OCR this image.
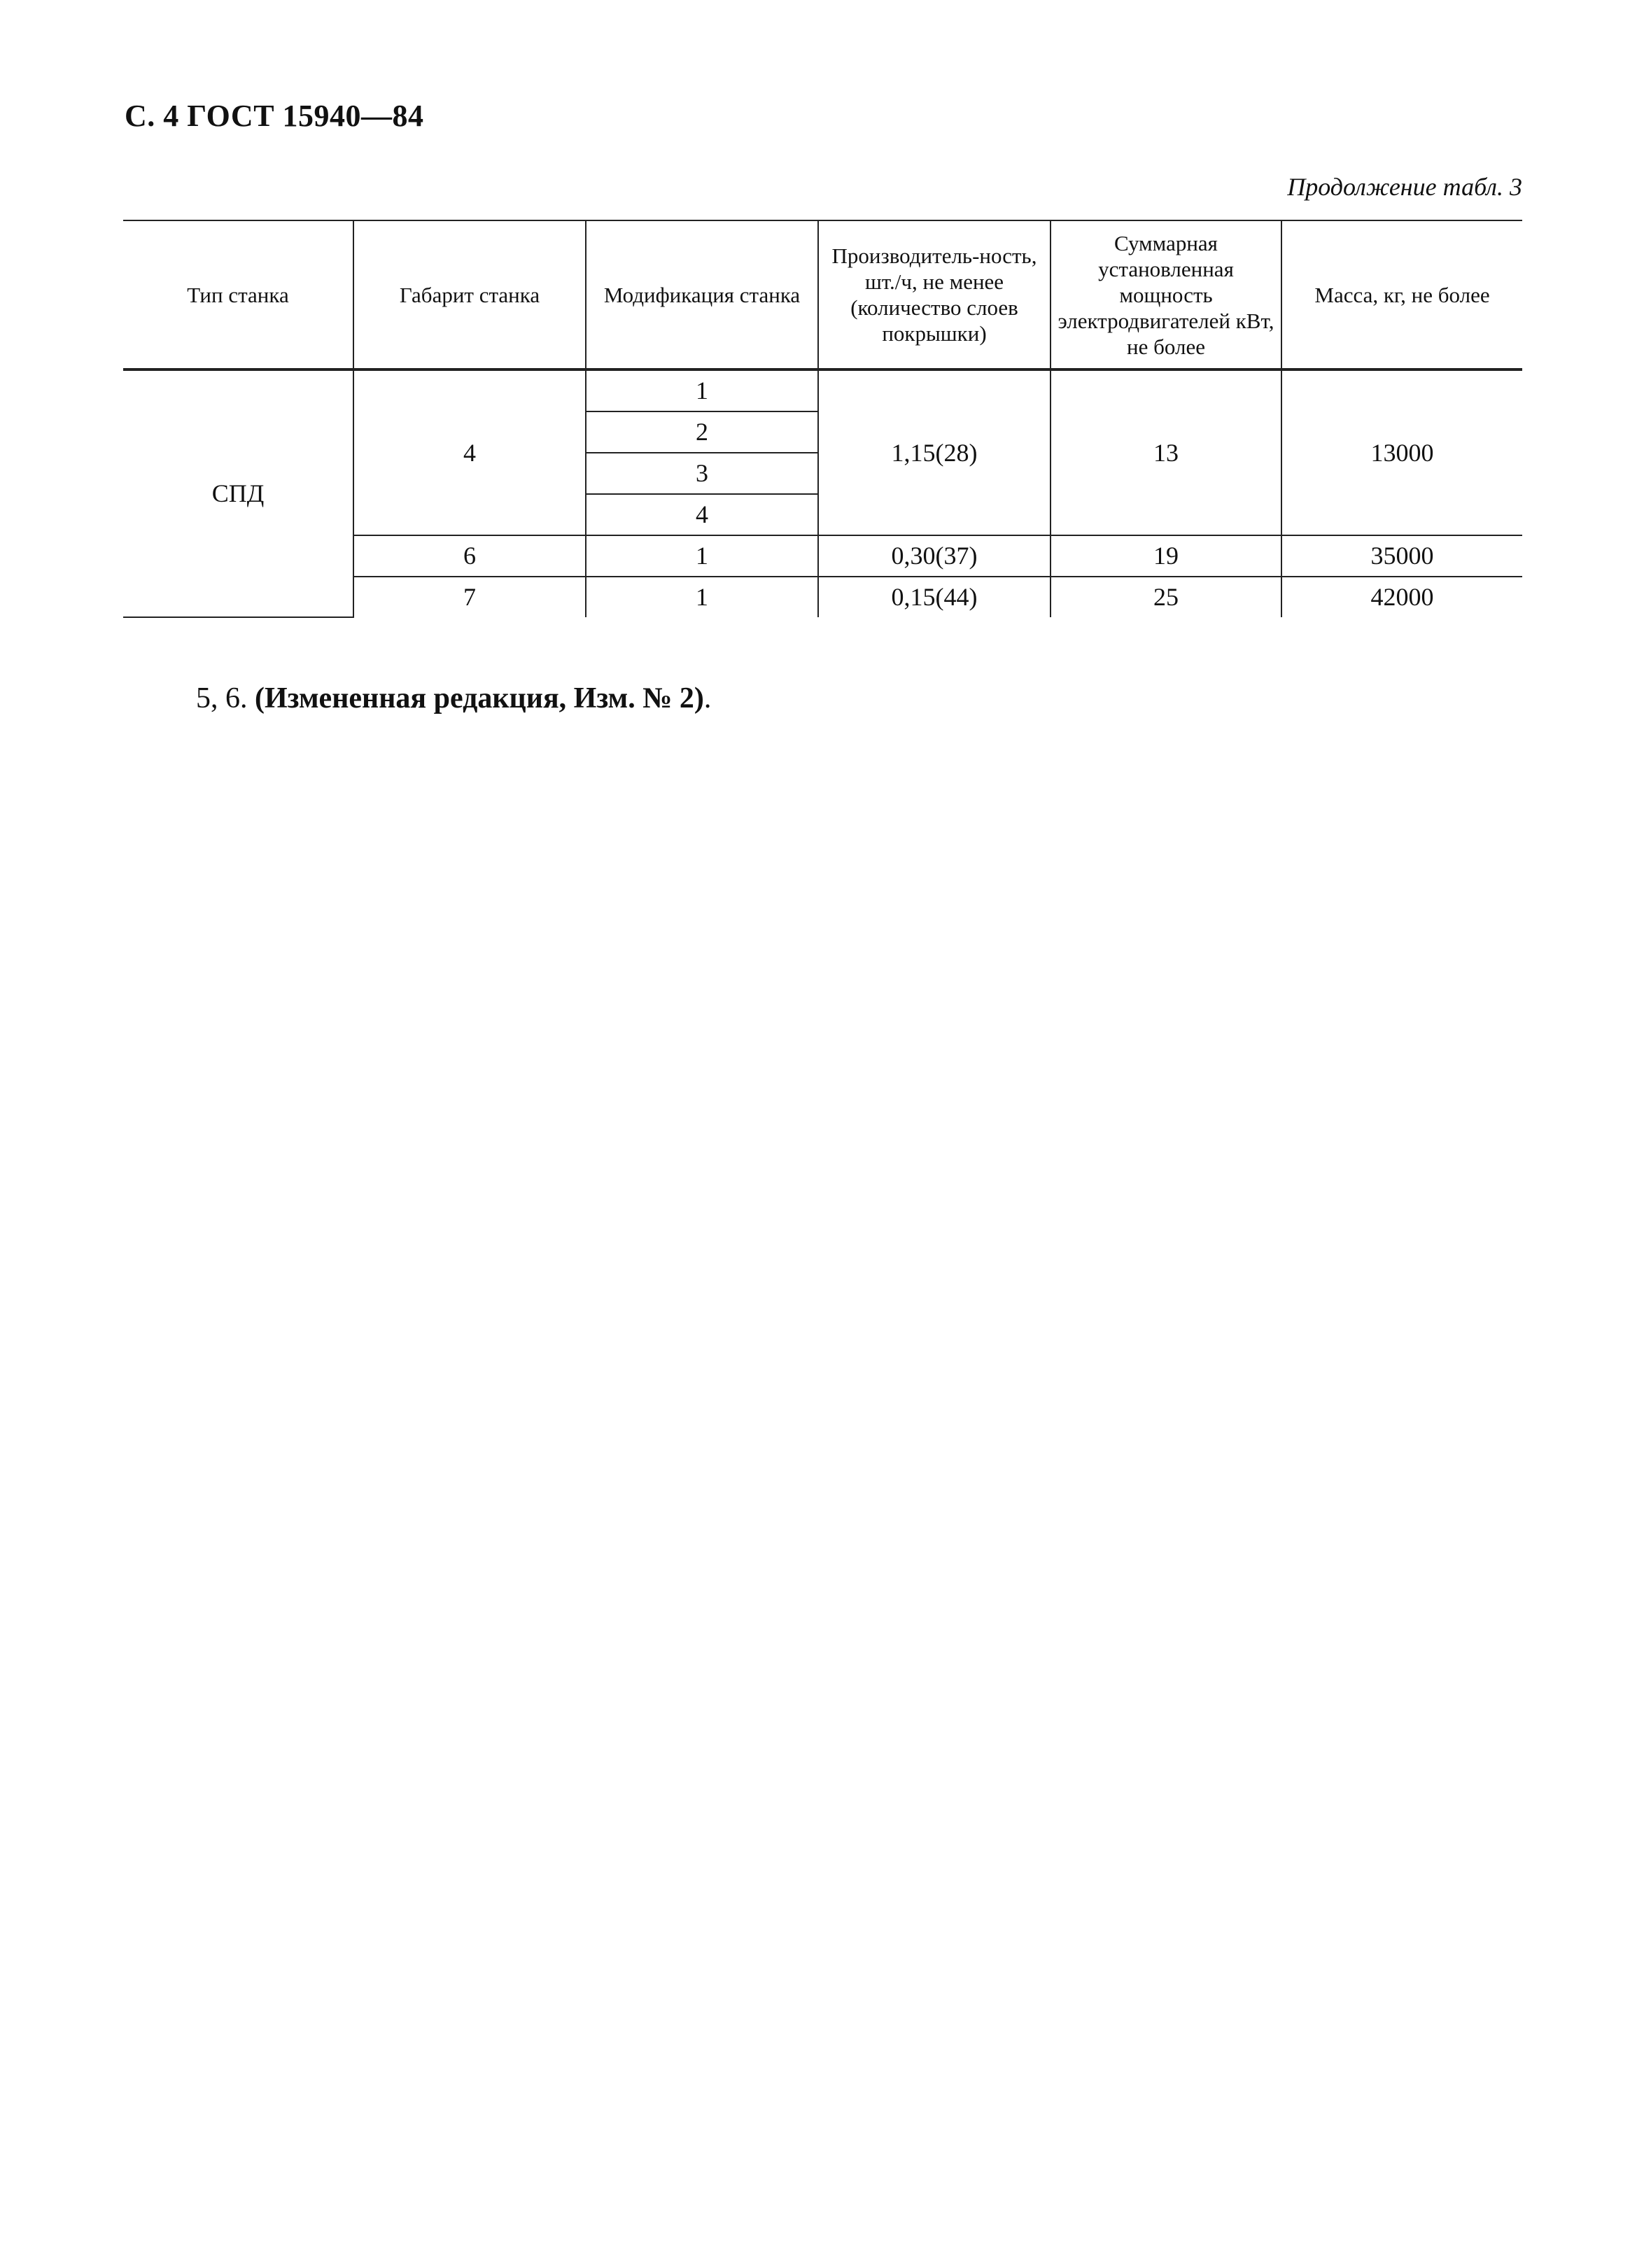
С. 4 ГОСТ 15940—84
Продолжение табл. 3
Тип станка	Габарит станка	Модификация станка	Производитель-ность, шт./ч, не менее (количество слоев покрышки)	Суммарная установленная мощность электродвигателей кВт, не более	Масса, кг, не более
СПД	4	1	1,15(28)	13	13000
		2			
		3			
		4			
	6	1	0,30(37)	19	35000
	7	1	0,15(44)	25	42000
5, 6. (Измененная редакция, Изм. № 2).
